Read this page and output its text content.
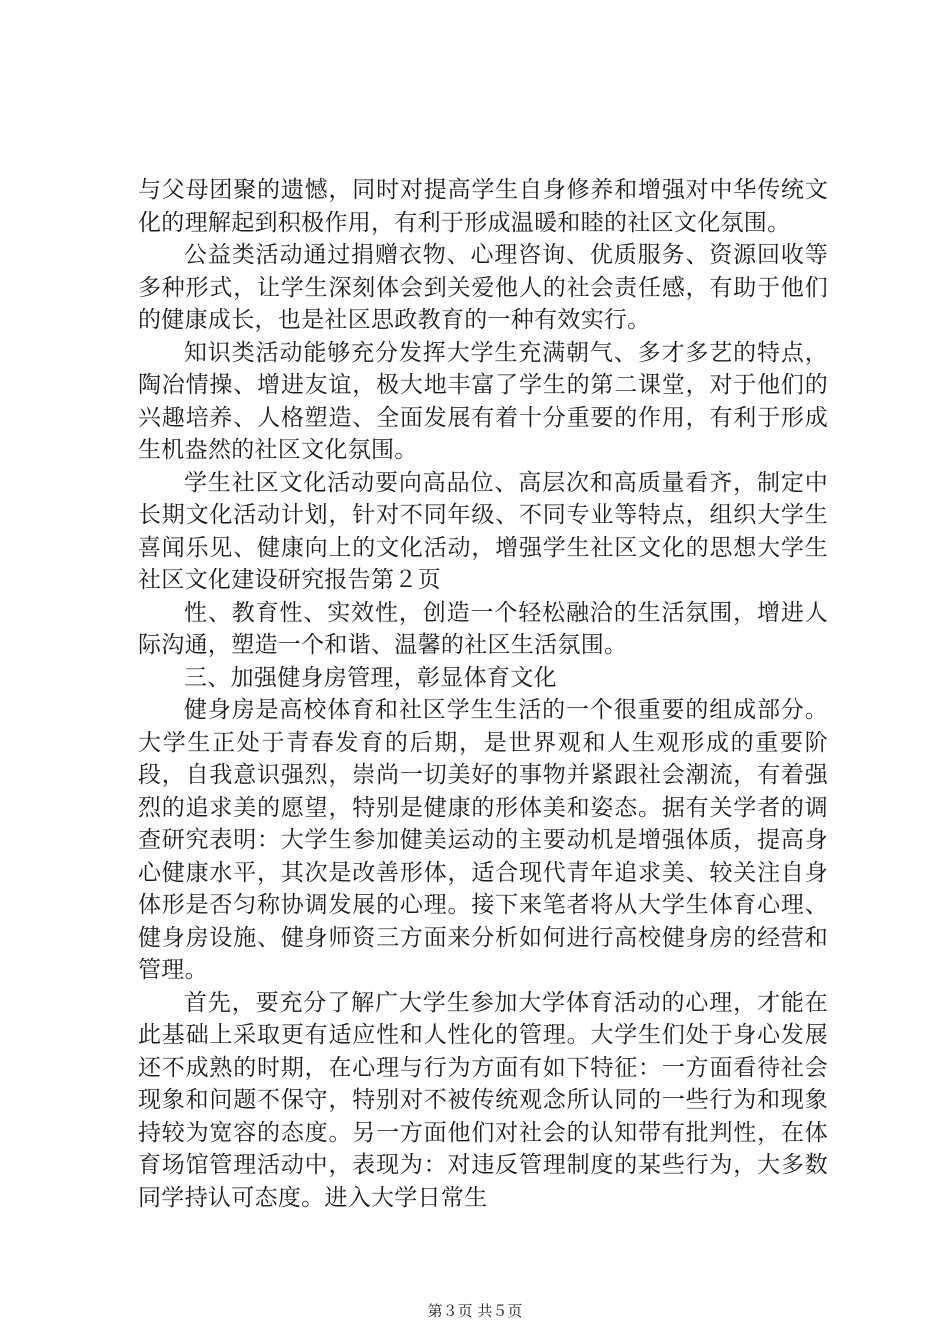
与父母团聚的遗憾，同时对提高学生自身修养和增强对中华传统文化的理解起到积极作用，有利于形成温暖和睦的社区文化氛围。

公益类活动通过捐赠衣物、心理咨询、优质服务、资源回收等多种形式，让学生深刻体会到关爱他人的社会责任感，有助于他们的健康成长，也是社区思政教育的一种有效实行。

知识类活动能够充分发挥大学生充满朝气、多才多艺的特点，陶冶情操、增进友谊，极大地丰富了学生的第二课堂，对于他们的兴趣培养、人格塑造、全面发展有着十分重要的作用，有利于形成生机盎然的社区文化氛围。

学生社区文化活动要向高品位、高层次和高质量看齐，制定中长期文化活动计划，针对不同年级、不同专业等特点，组织大学生喜闻乐见、健康向上的文化活动，增强学生社区文化的思想大学生社区文化建设研究报告第２页

性、教育性、实效性，创造一个轻松融洽的生活氛围，增进人际沟通，塑造一个和谐、温馨的社区生活氛围。

三、加强健身房管理，彰显体育文化

健身房是高校体育和社区学生生活的一个很重要的组成部分。大学生正处于青春发育的后期，是世界观和人生观形成的重要阶段，自我意识强烈，崇尚一切美好的事物并紧跟社会潮流，有着强烈的追求美的愿望，特别是健康的形体美和姿态。据有关学者的调查研究表明：大学生参加健美运动的主要动机是增强体质，提高身心健康水平，其次是改善形体，适合现代青年追求美、较关注自身体形是否匀称协调发展的心理。接下来笔者将从大学生体育心理、健身房设施、健身师资三方面来分析如何进行高校健身房的经营和管理。

首先，要充分了解广大学生参加大学体育活动的心理，才能在此基础上采取更有适应性和人性化的管理。大学生们处于身心发展还不成熟的时期，在心理与行为方面有如下特征：一方面看待社会现象和问题不保守，特别对不被传统观念所认同的一些行为和现象持较为宽容的态度。另一方面他们对社会的认知带有批判性，在体育场馆管理活动中，表现为：对违反管理制度的某些行为，大多数同学持认可态度。进入大学日常生

第３页 共５页
